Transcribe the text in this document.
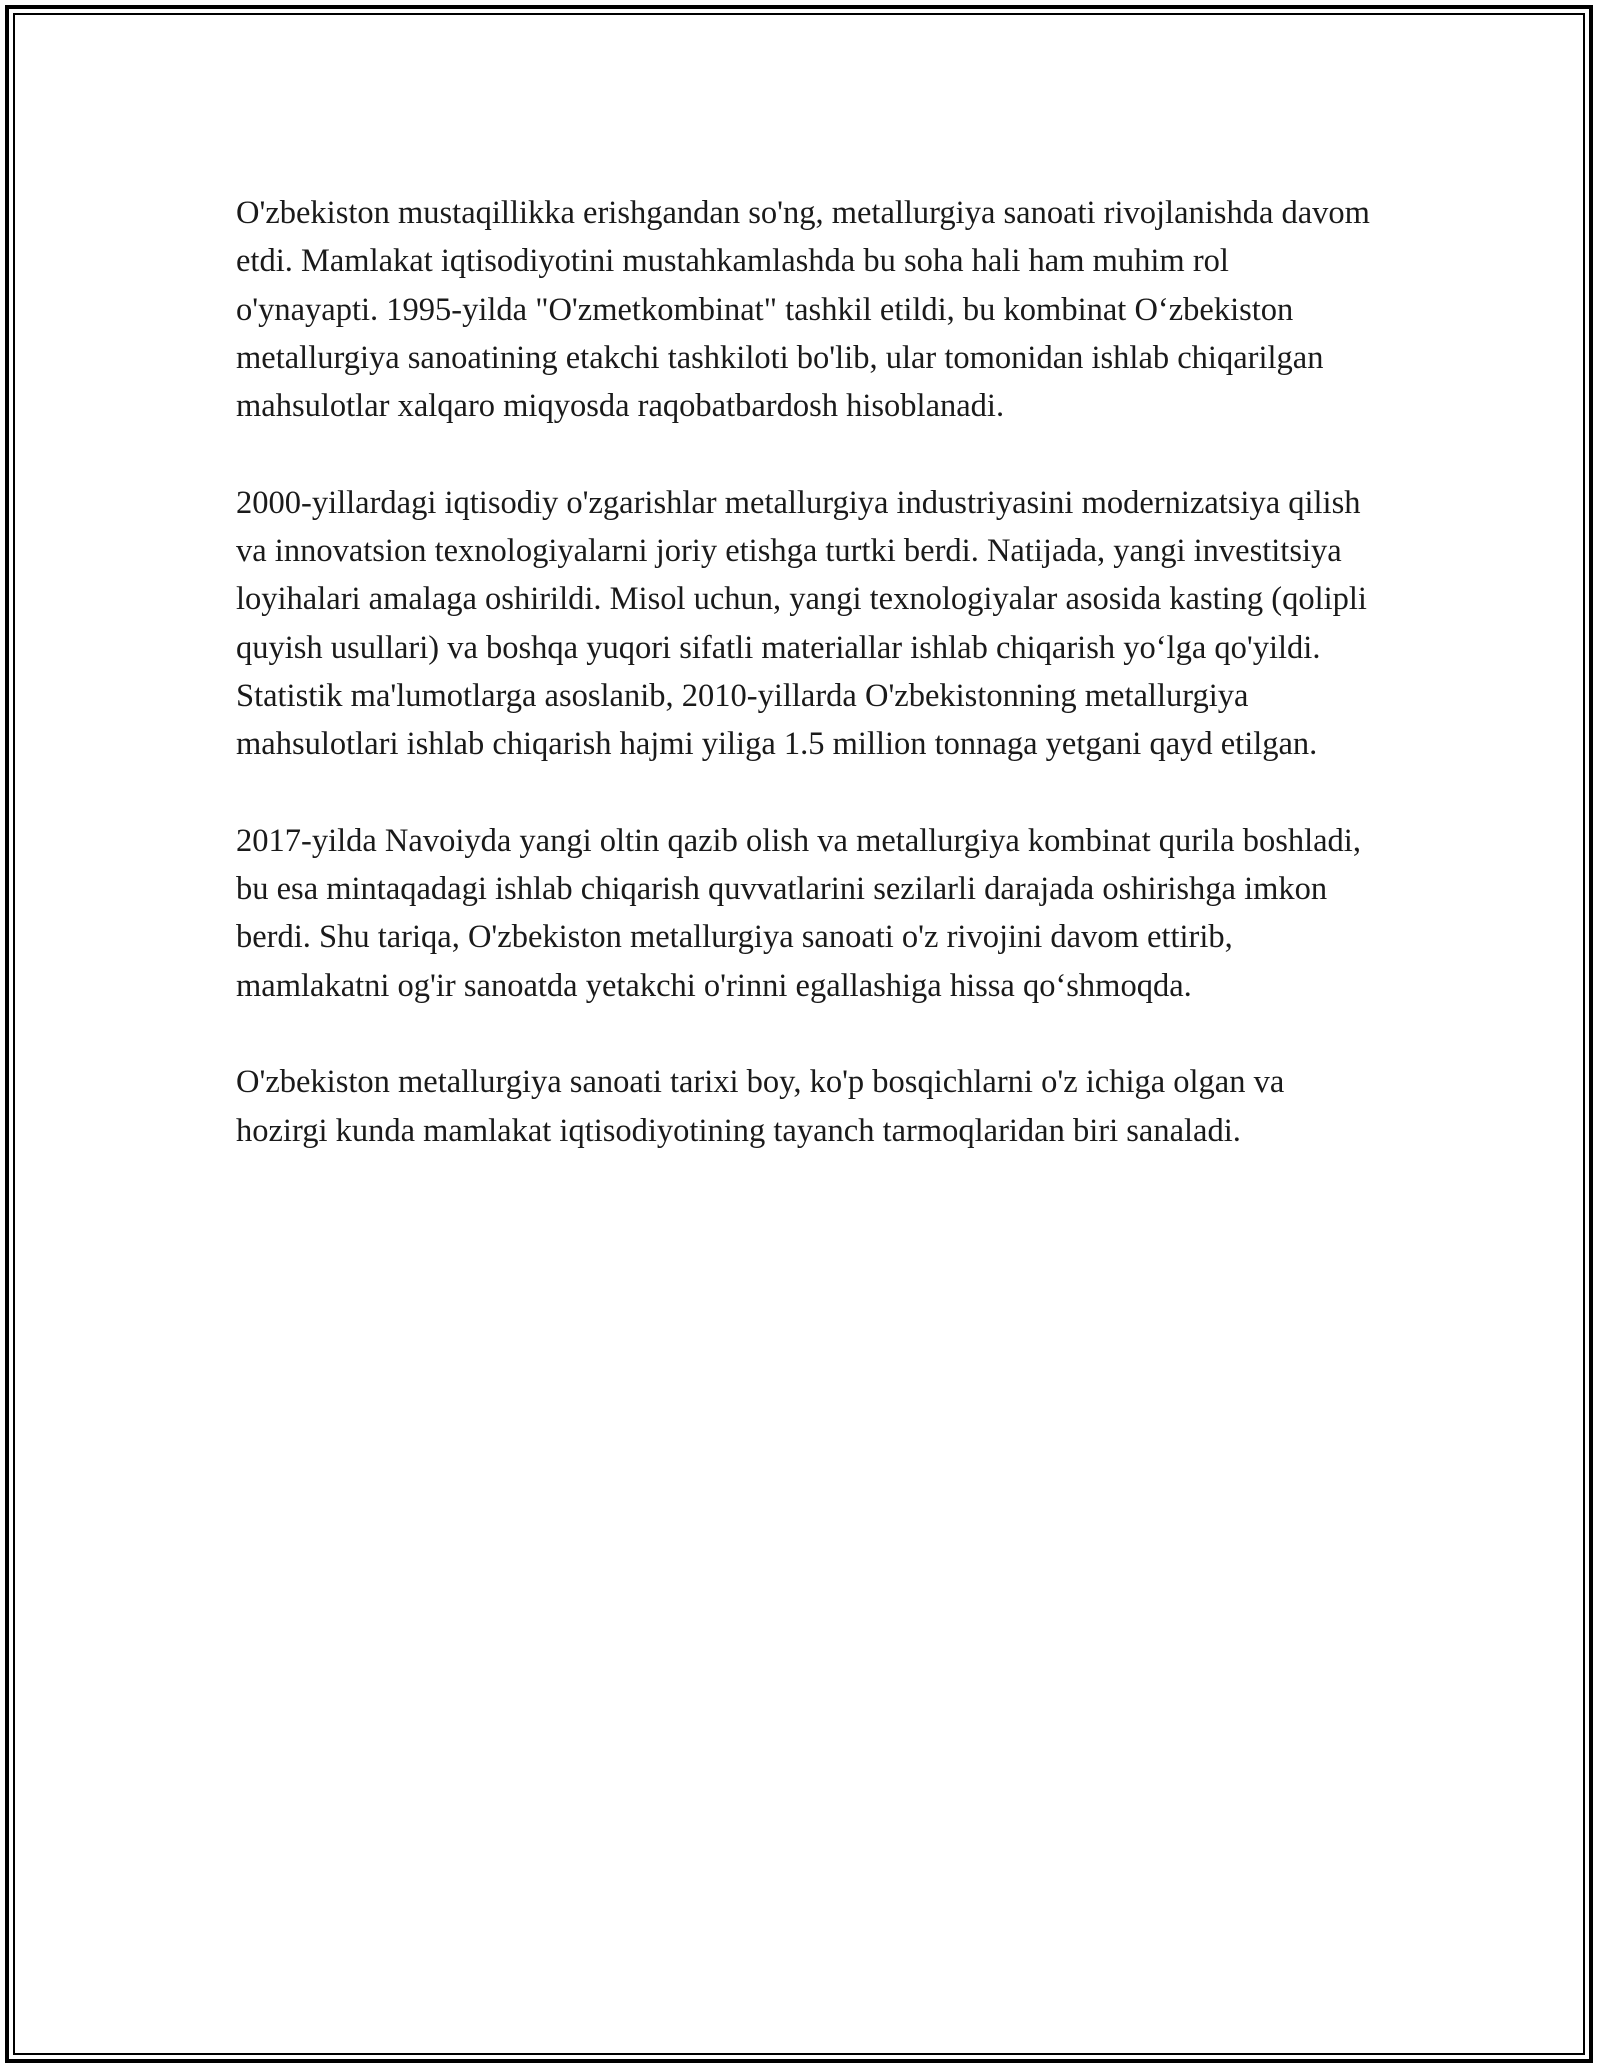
O'zbekiston mustaqillikka erishgandan so'ng, metallurgiya sanoati rivojlanishda davom etdi. Mamlakat iqtisodiyotini mustahkamlashda bu soha hali ham muhim rol o'ynayapti. 1995-yilda "O'zmetkombinat" tashkil etildi, bu kombinat O‘zbekiston metallurgiya sanoatining etakchi tashkiloti bo'lib, ular tomonidan ishlab chiqarilgan mahsulotlar xalqaro miqyosda raqobatbardosh hisoblanadi.

2000-yillardagi iqtisodiy o'zgarishlar metallurgiya industriyasini modernizatsiya qilish va innovatsion texnologiyalarni joriy etishga turtki berdi. Natijada, yangi investitsiya loyihalari amalaga oshirildi. Misol uchun, yangi texnologiyalar asosida kasting (qolipli quyish usullari) va boshqa yuqori sifatli materiallar ishlab chiqarish yo‘lga qo'yildi. Statistik ma'lumotlarga asoslanib, 2010-yillarda O'zbekistonning metallurgiya mahsulotlari ishlab chiqarish hajmi yiliga 1.5 million tonnaga yetgani qayd etilgan.

2017-yilda Navoiyda yangi oltin qazib olish va metallurgiya kombinat qurila boshladi, bu esa mintaqadagi ishlab chiqarish quvvatlarini sezilarli darajada oshirishga imkon berdi. Shu tariqa, O'zbekiston metallurgiya sanoati o'z rivojini davom ettirib, mamlakatni og'ir sanoatda yetakchi o'rinni egallashiga hissa qo‘shmoqda.

O'zbekiston metallurgiya sanoati tarixi boy, ko'p bosqichlarni o'z ichiga olgan va hozirgi kunda mamlakat iqtisodiyotining tayanch tarmoqlaridan biri sanaladi.
